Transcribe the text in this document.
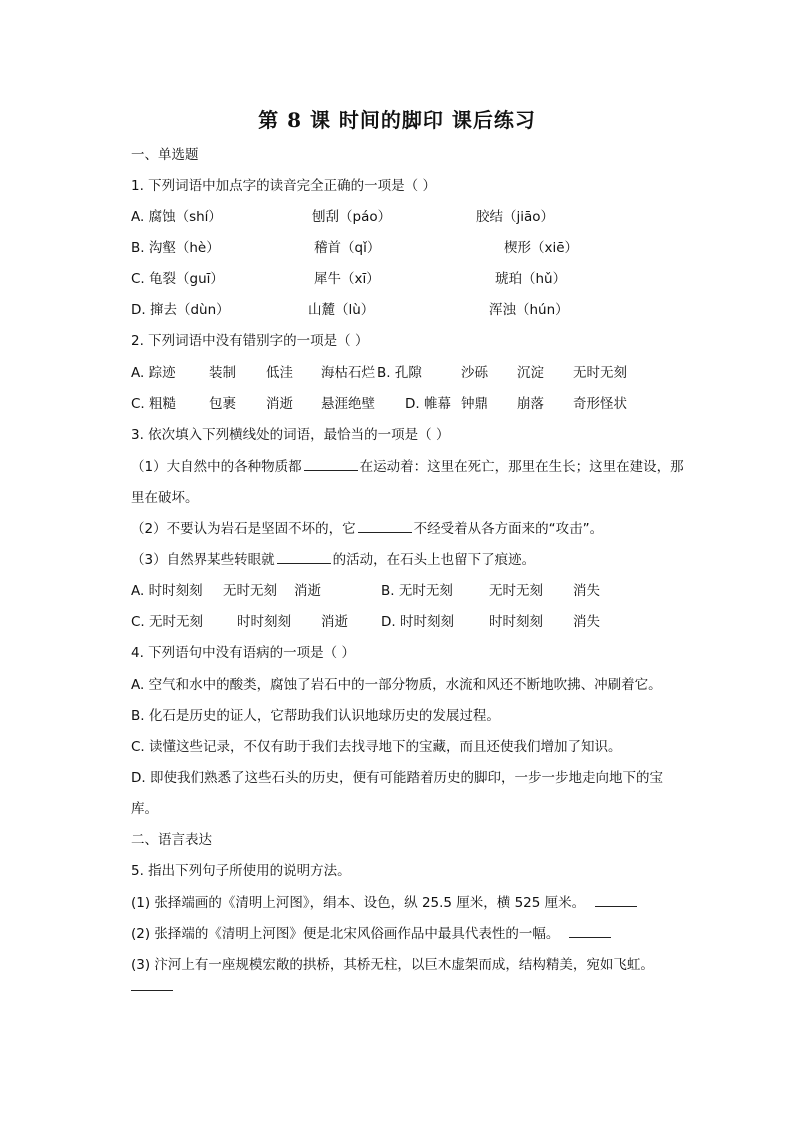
第 8 课 时间的脚印 课后练习
一、单选题
1. 下列词语中加点字的读音完全正确的一项是（ ）
A. 腐蚀（shí）	刨刮（páo）	胶结（jiāo）
B. 沟壑（hè）	稽首（qǐ）	楔形（xiē）
C. 龟裂（guī）	犀牛（xī）	琥珀（hǔ）
D. 撺去（dùn）	山麓（lù）	浑浊（hún）
2. 下列词语中没有错别字的一项是（ ）
A. 踪迹 装制 低洼 海枯石烂 B. 孔隙	沙砾 沉淀 无时无刻
C. 粗糙 包裹 消逝 悬涯绝壁 D. 帷幕 钟鼎 崩落 奇形怪状
3. 依次填入下列横线处的词语，最恰当的一项是（ ）
（1）大自然中的各种物质都	在运动着：这里在死亡，那里在生长；这里在建设，那
里在破坏。
（2）不要认为岩石是坚固不坏的，它	不经受着从各方面来的“攻击”。
（3）自然界某些转眼就	的活动，在石头上也留下了痕迹。
A. 时时刻刻 无时无刻 消逝	B. 无时无刻	无时无刻 消失
C. 无时无刻	时时刻刻 消逝 D. 时时刻刻	时时刻刻 消失
4. 下列语句中没有语病的一项是（ ）
A. 空气和水中的酸类，腐蚀了岩石中的一部分物质，水流和风还不断地吹拂、冲刷着它。
B. 化石是历史的证人，它帮助我们认识地球历史的发展过程。
C. 读懂这些记录，不仅有助于我们去找寻地下的宝藏，而且还使我们增加了知识。
D. 即使我们熟悉了这些石头的历史，便有可能踏着历史的脚印，一步一步地走向地下的宝
库。
二、语言表达
5. 指出下列句子所使用的说明方法。
(1) 张择端画的《清明上河图》，绢本、设色，纵 25.5 厘米，横 525 厘米。
(2) 张择端的《清明上河图》便是北宋风俗画作品中最具代表性的一幅。
(3) 汴河上有一座规模宏敞的拱桥，其桥无柱，以巨木虚架而成，结构精美，宛如飞虹。
